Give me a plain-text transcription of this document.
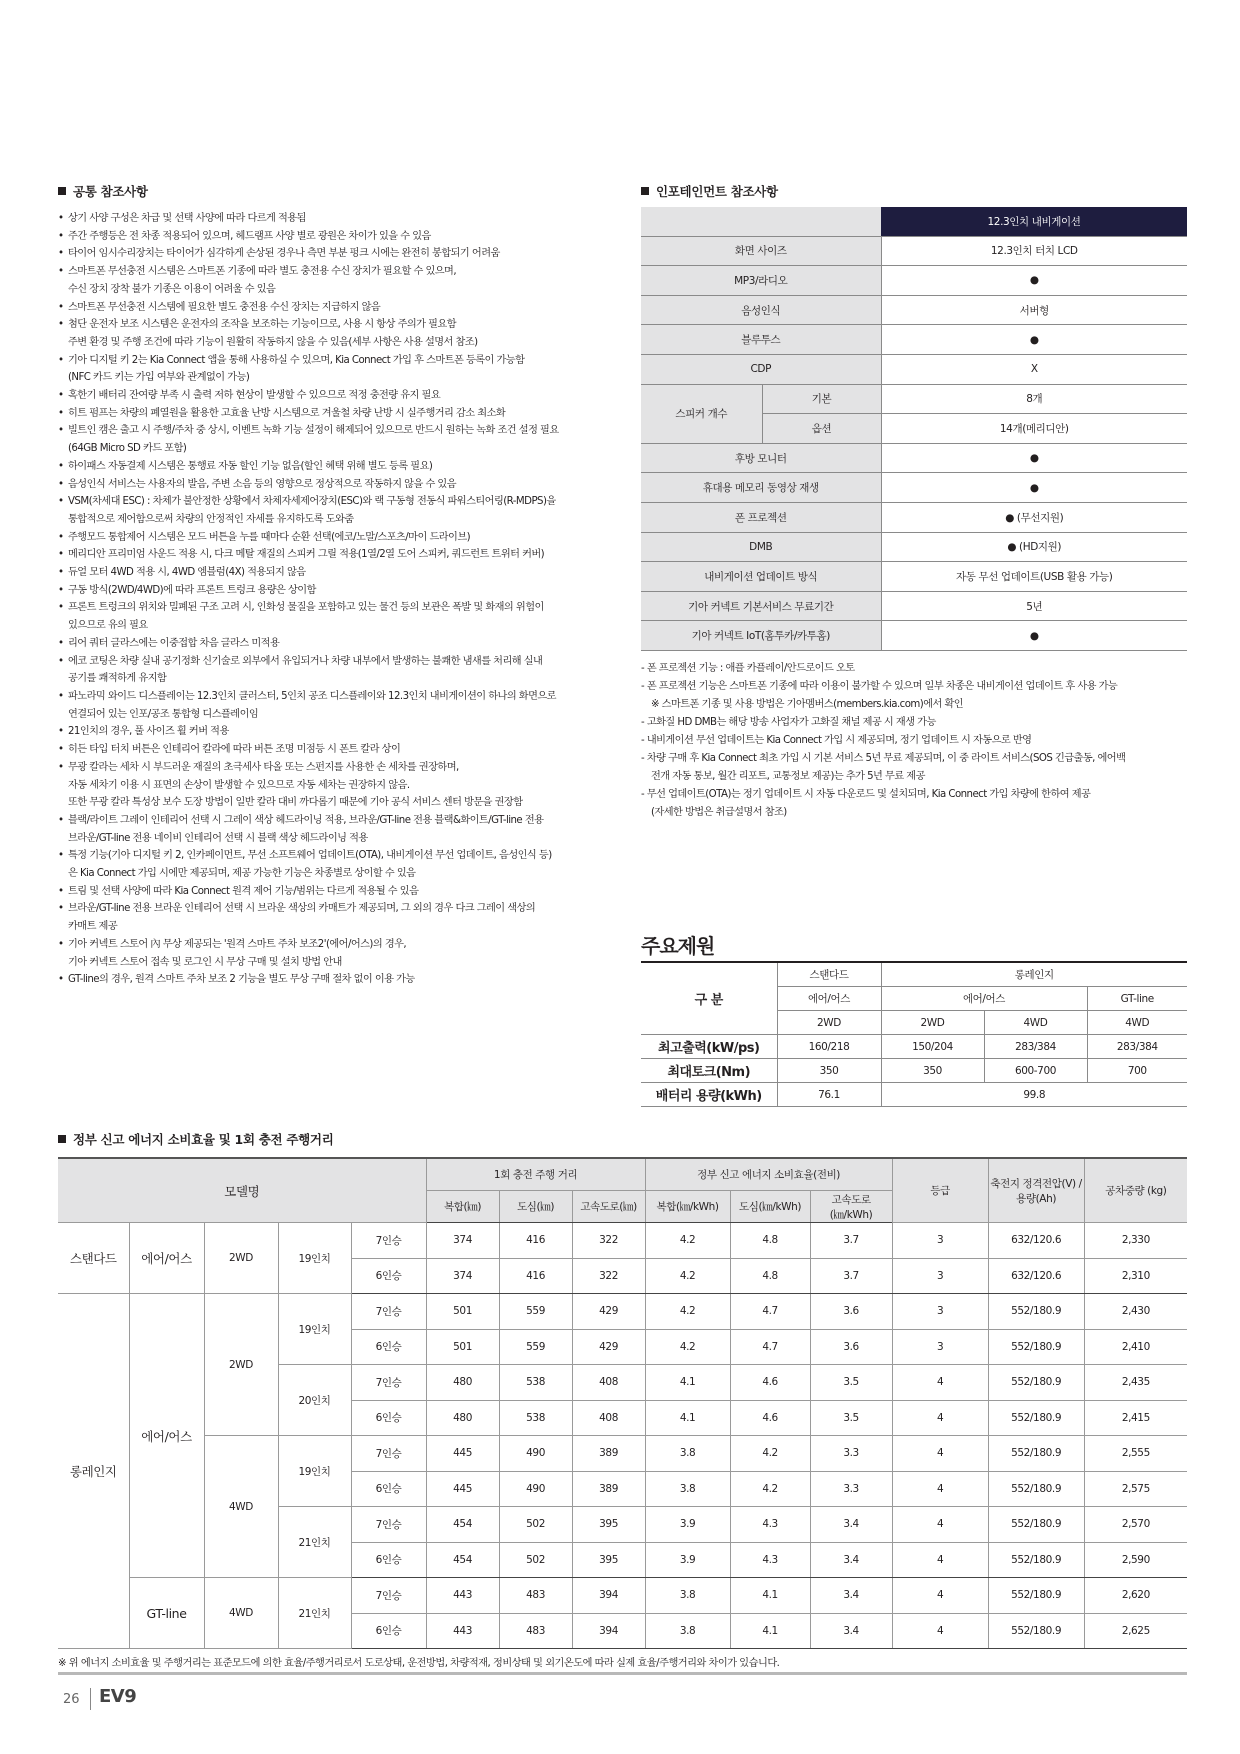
공통 참조사항	인포테인먼트 참조사항
정부 신고 에너지 소비효율 및 1회 충전 주행거리
• 상기 사양 구성은 차급 및 선택 사양에 따라 다르게 적용됨
• 주간 주행등은 전 차종 적용되어 있으며, 헤드램프 사양 별로 광원은 차이가 있을 수 있음
• 타이어 임시수리장치는 타이어가 심각하게 손상된 경우나 측면 부분 펑크 시에는 완전히 봉합되기 어려움
• 스마트폰 무선충전 시스템은 스마트폰 기종에 따라 별도 충전용 수신 장치가 필요할 수 있으며,
수신 장치 장착 불가 기종은 이용이 어려울 수 있음
• 스마트폰 무선충전 시스템에 필요한 별도 충전용 수신 장치는 지급하지 않음
• 첨단 운전자 보조 시스템은 운전자의 조작을 보조하는 기능이므로, 사용 시 항상 주의가 필요함
주변 환경 및 주행 조건에 따라 기능이 원활히 작동하지 않을 수 있음(세부 사항은 사용 설명서 참조)
• 기아 디지털 키 2는 Kia Connect 앱을 통해 사용하실 수 있으며, Kia Connect 가입 후 스마트폰 등록이 가능함
(NFC 카드 키는 가입 여부와 관계없이 가능)
• 혹한기 배터리 잔여량 부족 시 출력 저하 현상이 발생할 수 있으므로 적정 충전량 유지 필요
• 히트 펌프는 차량의 폐열원을 활용한 고효율 난방 시스템으로 겨울철 차량 난방 시 실주행거리 감소 최소화
• 빌트인 캠은 출고 시 주행/주차 중 상시, 이벤트 녹화 기능 설정이 해제되어 있으므로 반드시 원하는 녹화 조건 설정 필요
(64GB Micro SD 카드 포함)
• 하이패스 자동결제 시스템은 통행료 자동 할인 기능 없음(할인 혜택 위해 별도 등록 필요)
• 음성인식 서비스는 사용자의 발음, 주변 소음 등의 영향으로 정상적으로 작동하지 않을 수 있음
• VSM(차세대 ESC) : 차체가 불안정한 상황에서 차체자세제어장치(ESC)와 랙 구동형 전동식 파워스티어링(R-MDPS)을
통합적으로 제어함으로써 차량의 안정적인 자세를 유지하도록 도와줌
• 주행모드 통합제어 시스템은 모드 버튼을 누를 때마다 순환 선택(에코/노말/스포츠/마이 드라이브)
• 메리디안 프리미엄 사운드 적용 시, 다크 메탈 재질의 스피커 그릴 적용(1열/2열 도어 스피커, 쿼드런트 트위터 커버)
• 듀얼 모터 4WD 적용 시, 4WD 엠블럼(4X) 적용되지 않음
• 구동 방식(2WD/4WD)에 따라 프론트 트렁크 용량은 상이함
• 프론트 트렁크의 위치와 밀폐된 구조 고려 시, 인화성 물질을 포함하고 있는 물건 등의 보관은 폭발 및 화재의 위험이
있으므로 유의 필요
• 리어 쿼터 글라스에는 이중접합 차음 글라스 미적용
• 에코 코팅은 차량 실내 공기정화 신기술로 외부에서 유입되거나 차량 내부에서 발생하는 불쾌한 냄새를 처리해 실내
공기를 쾌적하게 유지함
• 파노라믹 와이드 디스플레이는 12.3인치 클러스터, 5인치 공조 디스플레이와 12.3인치 내비게이션이 하나의 화면으로
연결되어 있는 인포/공조 통합형 디스플레이임
• 21인치의 경우, 풀 사이즈 휠 커버 적용
• 히든 타입 터치 버튼은 인테리어 칼라에 따라 버튼 조명 미점등 시 폰트 칼라 상이
• 무광 칼라는 세차 시 부드러운 재질의 초극세사 타올 또는 스펀지를 사용한 손 세차를 권장하며,
자동 세차기 이용 시 표면의 손상이 발생할 수 있으므로 자동 세차는 권장하지 않음.
또한 무광 칼라 특성상 보수 도장 방법이 일반 칼라 대비 까다롭기 때문에 기아 공식 서비스 센터 방문을 권장함
• 블랙/라이트 그레이 인테리어 선택 시 그레이 색상 헤드라이닝 적용, 브라운/GT-line 전용 블랙&화이트/GT-line 전용
브라운/GT-line 전용 네이비 인테리어 선택 시 블랙 색상 헤드라이닝 적용
• 특정 기능(기아 디지털 키 2, 인카페이먼트, 무선 소프트웨어 업데이트(OTA), 내비게이션 무선 업데이트, 음성인식 등)
은 Kia Connect 가입 시에만 제공되며, 제공 가능한 기능은 차종별로 상이할 수 있음
• 트림 및 선택 사양에 따라 Kia Connect 원격 제어 기능/범위는 다르게 적용될 수 있음
• 브라운/GT-line 전용 브라운 인테리어 선택 시 브라운 색상의 카매트가 제공되며, 그 외의 경우 다크 그레이 색상의
카매트 제공
• 기아 커넥트 스토어 內 무상 제공되는 '원격 스마트 주차 보조2'(에어/어스)의 경우,
기아 커넥트 스토어 접속 및 로그인 시 무상 구매 및 설치 방법 안내
• GT-line의 경우, 원격 스마트 주차 보조 2 기능을 별도 무상 구매 절차 없이 이용 가능
		12.3인치 내비게이션
화면 사이즈		12.3인치 터치 LCD
MP3/라디오		●
음성인식		서버형
블루투스		●
CDP		X
스피커 개수	기본	8개
	옵션	14개(메리디안)
후방 모니터		●
휴대용 메모리 동영상 재생		●
폰 프로젝션		● (무선지원)
DMB		● (HD지원)
내비게이션 업데이트 방식		자동 무선 업데이트(USB 활용 가능)
기아 커넥트 기본서비스 무료기간		5년
기아 커넥트 IoT(홈투카/카투홈)		●
- 폰 프로젝션 기능 : 애플 카플레이/안드로이드 오토
- 폰 프로젝션 기능은 스마트폰 기종에 따라 이용이 불가할 수 있으며 일부 차종은 내비게이션 업데이트 후 사용 가능
※ 스마트폰 기종 및 사용 방법은 기아멤버스(members.kia.com)에서 확인
- 고화질 HD DMB는 해당 방송 사업자가 고화질 채널 제공 시 재생 가능
- 내비게이션 무선 업데이트는 Kia Connect 가입 시 제공되며, 정기 업데이트 시 자동으로 반영
- 차량 구매 후 Kia Connect 최초 가입 시 기본 서비스 5년 무료 제공되며, 이 중 라이트 서비스(SOS 긴급출동, 에어백
전개 자동 통보, 월간 리포트, 교통정보 제공)는 추가 5년 무료 제공
- 무선 업데이트(OTA)는 정기 업데이트 시 자동 다운로드 및 설치되며, Kia Connect 가입 차량에 한하여 제공
(자세한 방법은 취급설명서 참조)
주요제원
구 분	스탠다드	롱레인지		
	에어/어스	에어/어스		GT-line
	2WD	2WD	4WD	4WD
최고출력(kW/ps)	160/218	150/204	283/384	283/384
최대토크(Nm)	350	350	600-700	700
배터리 용량(kWh)	76.1	99.8		
모델명					1회 충전 주행 거리			정부 신고 에너지 소비효율(전비)			등급	축전지 정격전압(V) /용량(Ah)	공차중량 (kg)
					복합(㎞)	도심(㎞)	고속도로(㎞)	복합(㎞/kWh)	도심(㎞/kWh)	고속도로(㎞/kWh)			
스탠다드	에어/어스	2WD	19인치	7인승	374	416	322	4.2	4.8	3.7	3	632/120.6	2,330
				6인승	374	416	322	4.2	4.8	3.7	3	632/120.6	2,310
롱레인지	에어/어스	2WD	19인치	7인승	501	559	429	4.2	4.7	3.6	3	552/180.9	2,430
				6인승	501	559	429	4.2	4.7	3.6	3	552/180.9	2,410
			20인치	7인승	480	538	408	4.1	4.6	3.5	4	552/180.9	2,435
				6인승	480	538	408	4.1	4.6	3.5	4	552/180.9	2,415
		4WD	19인치	7인승	445	490	389	3.8	4.2	3.3	4	552/180.9	2,555
				6인승	445	490	389	3.8	4.2	3.3	4	552/180.9	2,575
			21인치	7인승	454	502	395	3.9	4.3	3.4	4	552/180.9	2,570
				6인승	454	502	395	3.9	4.3	3.4	4	552/180.9	2,590
	GT-line	4WD	21인치	7인승	443	483	394	3.8	4.1	3.4	4	552/180.9	2,620
				6인승	443	483	394	3.8	4.1	3.4	4	552/180.9	2,625
※ 위 에너지 소비효율 및 주행거리는 표준모드에 의한 효율/주행거리로서 도로상태, 운전방법, 차량적재, 정비상태 및 외기온도에 따라 실제 효율/주행거리와 차이가 있습니다.
26 EV9
